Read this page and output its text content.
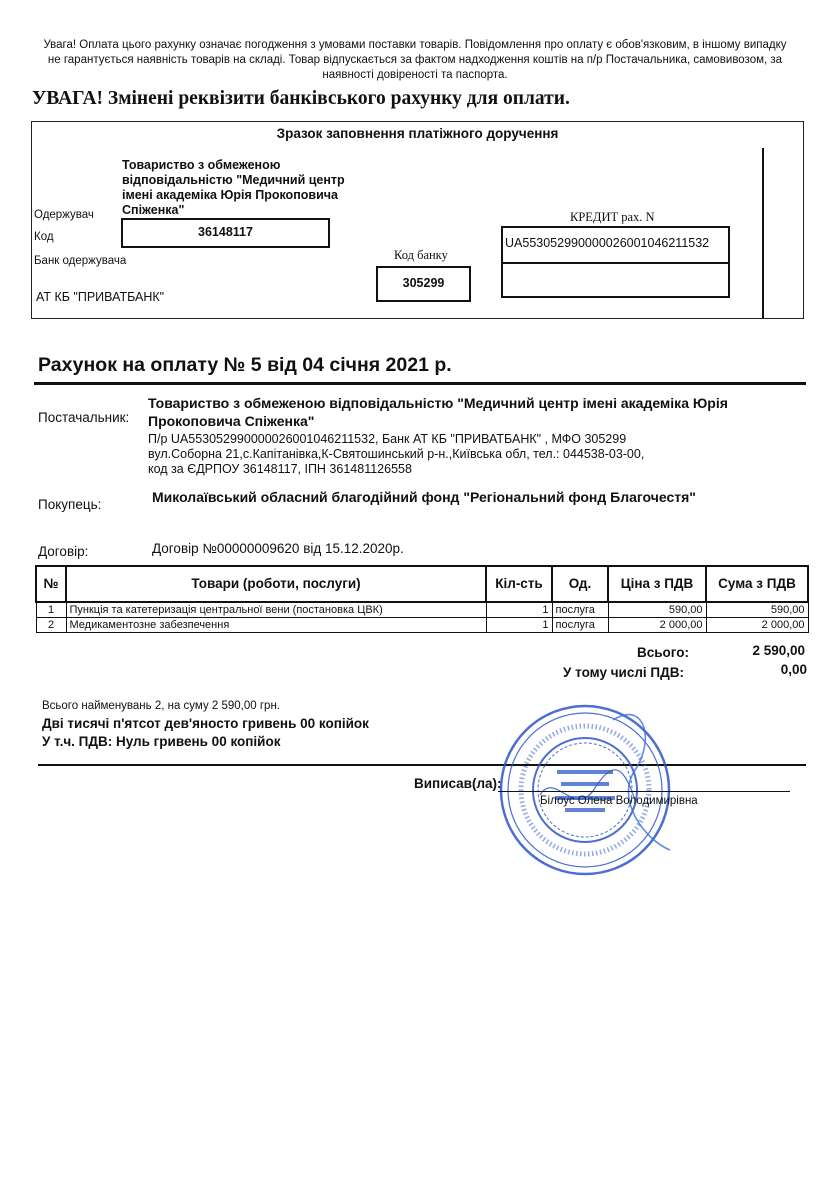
Увага! Оплата цього рахунку означає погодження з умовами поставки товарів. Повідомлення про оплату є обов'язковим, в іншому випадку не гарантується наявність товарів на складі. Товар відпускається за фактом надходження коштів на п/р Постачальника, самовивозом, за наявності довіреності та паспорта.
УВАГА! Змінені реквізити банківського рахунку для оплати.
Зразок заповнення платіжного доручення
Товариство з обмеженою відповідальністю "Медичний центр імені академіка Юрія Прокоповича Спіженка"
Одержувач
Код	36148117
Банк одержувача
АТ КБ "ПРИВАТБАНК"
Код банку
305299
КРЕДИТ рах. N
UA553052990000026001046211532
Рахунок на оплату № 5 від 04 січня 2021 р.
Постачальник:
Товариство з обмеженою відповідальністю "Медичний центр імені академіка Юрія Прокоповича Спіженка"
П/р UA553052990000026001046211532, Банк АТ КБ "ПРИВАТБАНК" , МФО 305299
вул.Соборна 21,с.Капітанівка,К-Святошинський р-н.,Київська обл, тел.: 044538-03-00,
код за ЄДРПОУ 36148117, ІПН 361481126558
Покупець:	Миколаївський обласний благодійний фонд "Регіональний фонд Благочестя"
Договір:	Договір №00000009620 від 15.12.2020р.
№	Товари (роботи, послуги)	Кіл-сть	Од.	Ціна з ПДВ	Сума з ПДВ
1	Пункція та катетеризація центральної вени (постановка ЦВК)	1	послуга	590,00	590,00
2	Медикаментозне забезпечення	1	послуга	2 000,00	2 000,00
Всього:	2 590,00
У тому числі ПДВ:	0,00
Всього найменувань 2, на суму 2 590,00 грн.
Дві тисячі п'ятсот дев'яносто гривень 00 копійок
У т.ч. ПДВ: Нуль гривень 00 копійок
Виписав(ла):
Білоус Олена Володимирівна
